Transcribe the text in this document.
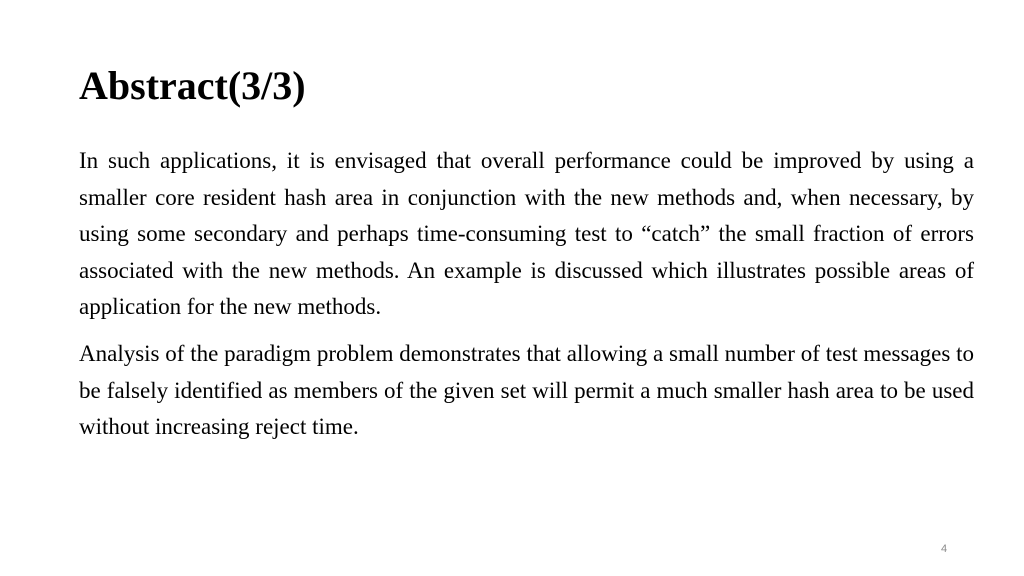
Abstract(3/3)

In such applications, it is envisaged that overall performance could be improved by using a smaller core resident hash area in conjunction with the new methods and, when necessary, by using some secondary and perhaps time-consuming test to “catch” the small fraction of errors associated with the new methods. An example is discussed which illustrates possible areas of application for the new methods.

Analysis of the paradigm problem demonstrates that allowing a small number of test messages to be falsely identified as members of the given set will permit a much smaller hash area to be used without increasing reject time.

4
